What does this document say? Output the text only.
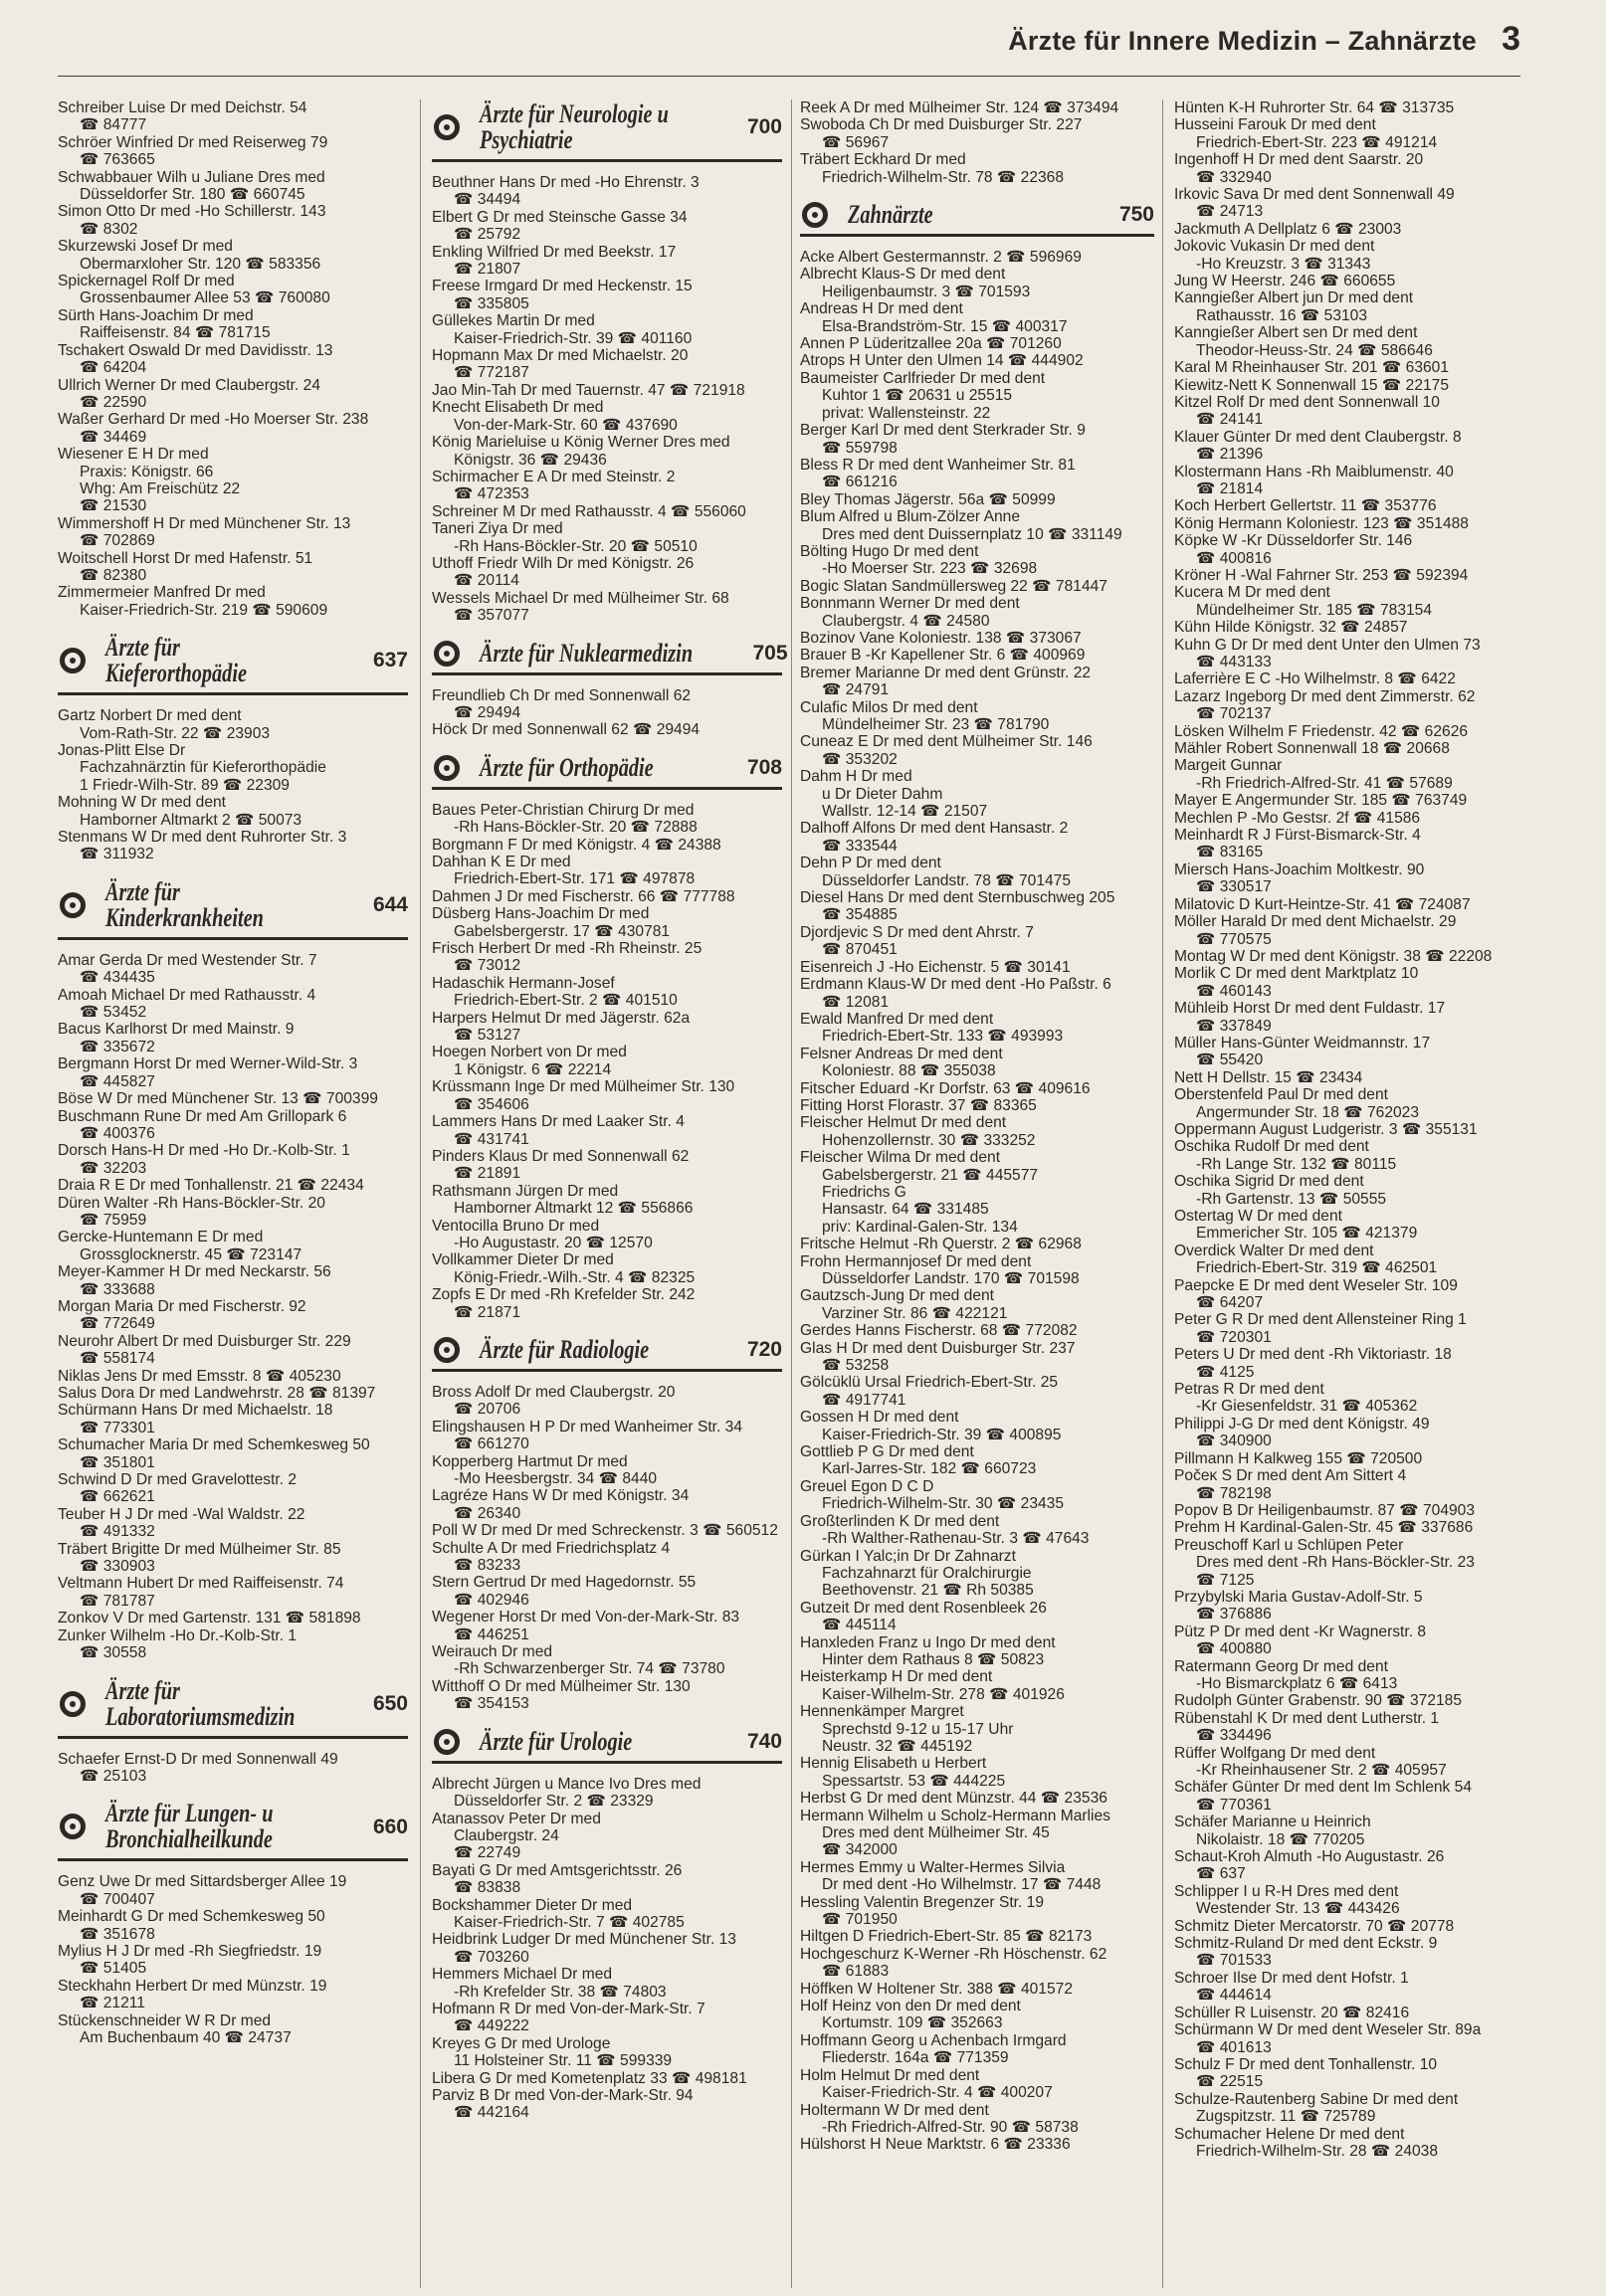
Ärzte für Innere Medizin – Zahnärzte 3
Schreiber Luise Dr med Deichstr. 54
☎ 84777
Schröer Winfried Dr med Reiserweg 79
☎ 763665
Schwabbauer Wilh u Juliane Dres med
Düsseldorfer Str. 180 ☎ 660745
Simon Otto Dr med -Ho Schillerstr. 143
☎ 8302
Skurzewski Josef Dr med
Obermarxloher Str. 120 ☎ 583356
Spickernagel Rolf Dr med
Grossenbaumer Allee 53 ☎ 760080
Sürth Hans-Joachim Dr med
Raiffeisenstr. 84 ☎ 781715
Tschakert Oswald Dr med Davidisstr. 13
☎ 64204
Ullrich Werner Dr med Claubergstr. 24
☎ 22590
Waßer Gerhard Dr med -Ho Moerser Str. 238
☎ 34469
Wiesener E H Dr med
Praxis: Königstr. 66
Whg: Am Freischütz 22
☎ 21530
Wimmershoff H Dr med Münchener Str. 13
☎ 702869
Woitschell Horst Dr med Hafenstr. 51
☎ 82380
Zimmermeier Manfred Dr med
Kaiser-Friedrich-Str. 219 ☎ 590609
Ärzte für
Kieferorthopädie	637
Gartz Norbert Dr med dent
Vom-Rath-Str. 22 ☎ 23903
Jonas-Plitt Else Dr
Fachzahnärztin für Kieferorthopädie
1 Friedr-Wilh-Str. 89 ☎ 22309
Mohning W Dr med dent
Hamborner Altmarkt 2 ☎ 50073
Stenmans W Dr med dent Ruhrorter Str. 3
☎ 311932
Ärzte für
Kinderkrankheiten	644
Amar Gerda Dr med Westender Str. 7
☎ 434435
Amoah Michael Dr med Rathausstr. 4
☎ 53452
Bacus Karlhorst Dr med Mainstr. 9
☎ 335672
Bergmann Horst Dr med Werner-Wild-Str. 3
☎ 445827
Böse W Dr med Münchener Str. 13 ☎ 700399
Buschmann Rune Dr med Am Grillopark 6
☎ 400376
Dorsch Hans-H Dr med -Ho Dr.-Kolb-Str. 1
☎ 32203
Draia R E Dr med Tonhallenstr. 21 ☎ 22434
Düren Walter -Rh Hans-Böckler-Str. 20
☎ 75959
Gercke-Huntemann E Dr med
Grossglocknerstr. 45 ☎ 723147
Meyer-Kammer H Dr med Neckarstr. 56
☎ 333688
Morgan Maria Dr med Fischerstr. 92
☎ 772649
Neurohr Albert Dr med Duisburger Str. 229
☎ 558174
Niklas Jens Dr med Emsstr. 8 ☎ 405230
Salus Dora Dr med Landwehrstr. 28 ☎ 81397
Schürmann Hans Dr med Michaelstr. 18
☎ 773301
Schumacher Maria Dr med Schemkesweg 50
☎ 351801
Schwind D Dr med Gravelottestr. 2
☎ 662621
Teuber H J Dr med -Wal Waldstr. 22
☎ 491332
Träbert Brigitte Dr med Mülheimer Str. 85
☎ 330903
Veltmann Hubert Dr med Raiffeisenstr. 74
☎ 781787
Zonkov V Dr med Gartenstr. 131 ☎ 581898
Zunker Wilhelm -Ho Dr.-Kolb-Str. 1
☎ 30558
Ärzte für
Laboratoriumsmedizin	650
Schaefer Ernst-D Dr med Sonnenwall 49
☎ 25103
Ärzte für Lungen- u
Bronchialheilkunde	660
Genz Uwe Dr med Sittardsberger Allee 19
☎ 700407
Meinhardt G Dr med Schemkesweg 50
☎ 351678
Mylius H J Dr med -Rh Siegfriedstr. 19
☎ 51405
Steckhahn Herbert Dr med Münzstr. 19
☎ 21211
Stückenschneider W R Dr med
Am Buchenbaum 40 ☎ 24737
Ärzte für Neurologie u
Psychiatrie	700
Beuthner Hans Dr med -Ho Ehrenstr. 3
☎ 34494
Elbert G Dr med Steinsche Gasse 34
☎ 25792
Enkling Wilfried Dr med Beekstr. 17
☎ 21807
Freese Irmgard Dr med Heckenstr. 15
☎ 335805
Güllekes Martin Dr med
Kaiser-Friedrich-Str. 39 ☎ 401160
Hopmann Max Dr med Michaelstr. 20
☎ 772187
Jao Min-Tah Dr med Tauernstr. 47 ☎ 721918
Knecht Elisabeth Dr med
Von-der-Mark-Str. 60 ☎ 437690
König Marieluise u König Werner Dres med
Königstr. 36 ☎ 29436
Schirmacher E A Dr med Steinstr. 2
☎ 472353
Schreiner M Dr med Rathausstr. 4 ☎ 556060
Taneri Ziya Dr med
-Rh Hans-Böckler-Str. 20 ☎ 50510
Uthoff Friedr Wilh Dr med Königstr. 26
☎ 20114
Wessels Michael Dr med Mülheimer Str. 68
☎ 357077
Ärzte für Nuklearmedizin	705
Freundlieb Ch Dr med Sonnenwall 62
☎ 29494
Höck Dr med Sonnenwall 62 ☎ 29494
Ärzte für Orthopädie	708
Baues Peter-Christian Chirurg Dr med
-Rh Hans-Böckler-Str. 20 ☎ 72888
Borgmann F Dr med Königstr. 4 ☎ 24388
Dahhan K E Dr med
Friedrich-Ebert-Str. 171 ☎ 497878
Dahmen J Dr med Fischerstr. 66 ☎ 777788
Düsberg Hans-Joachim Dr med
Gabelsbergerstr. 17 ☎ 430781
Frisch Herbert Dr med -Rh Rheinstr. 25
☎ 73012
Hadaschik Hermann-Josef
Friedrich-Ebert-Str. 2 ☎ 401510
Harpers Helmut Dr med Jägerstr. 62a
☎ 53127
Hoegen Norbert von Dr med
1 Königstr. 6 ☎ 22214
Krüssmann Inge Dr med Mülheimer Str. 130
☎ 354606
Lammers Hans Dr med Laaker Str. 4
☎ 431741
Pinders Klaus Dr med Sonnenwall 62
☎ 21891
Rathsmann Jürgen Dr med
Hamborner Altmarkt 12 ☎ 556866
Ventocilla Bruno Dr med
-Ho Augustastr. 20 ☎ 12570
Vollkammer Dieter Dr med
König-Friedr.-Wilh.-Str. 4 ☎ 82325
Zopfs E Dr med -Rh Krefelder Str. 242
☎ 21871
Ärzte für Radiologie	720
Bross Adolf Dr med Claubergstr. 20
☎ 20706
Elingshausen H P Dr med Wanheimer Str. 34
☎ 661270
Kopperberg Hartmut Dr med
-Mo Heesbergstr. 34 ☎ 8440
Lagréze Hans W Dr med Königstr. 34
☎ 26340
Poll W Dr med Dr med Schreckenstr. 3 ☎ 560512
Schulte A Dr med Friedrichsplatz 4
☎ 83233
Stern Gertrud Dr med Hagedornstr. 55
☎ 402946
Wegener Horst Dr med Von-der-Mark-Str. 83
☎ 446251
Weirauch Dr med
-Rh Schwarzenberger Str. 74 ☎ 73780
Witthoff O Dr med Mülheimer Str. 130
☎ 354153
Ärzte für Urologie	740
Albrecht Jürgen u Mance Ivo Dres med
Düsseldorfer Str. 2 ☎ 23329
Atanassov Peter Dr med
Claubergstr. 24
☎ 22749
Bayati G Dr med Amtsgerichtsstr. 26
☎ 83838
Bockshammer Dieter Dr med
Kaiser-Friedrich-Str. 7 ☎ 402785
Heidbrink Ludger Dr med Münchener Str. 13
☎ 703260
Hemmers Michael Dr med
-Rh Krefelder Str. 38 ☎ 74803
Hofmann R Dr med Von-der-Mark-Str. 7
☎ 449222
Kreyes G Dr med Urologe
11 Holsteiner Str. 11 ☎ 599339
Libera G Dr med Kometenplatz 33 ☎ 498181
Parviz B Dr med Von-der-Mark-Str. 94
☎ 442164
Reek A Dr med Mülheimer Str. 124 ☎ 373494
Swoboda Ch Dr med Duisburger Str. 227
☎ 56967
Träbert Eckhard Dr med
Friedrich-Wilhelm-Str. 78 ☎ 22368
Zahnärzte	750
Acke Albert Gestermannstr. 2 ☎ 596969
Albrecht Klaus-S Dr med dent
Heiligenbaumstr. 3 ☎ 701593
Andreas H Dr med dent
Elsa-Brandström-Str. 15 ☎ 400317
Annen P Lüderitzallee 20a ☎ 701260
Atrops H Unter den Ulmen 14 ☎ 444902
Baumeister Carlfrieder Dr med dent
Kuhtor 1 ☎ 20631 u 25515
privat: Wallensteinstr. 22
Berger Karl Dr med dent Sterkrader Str. 9
☎ 559798
Bless R Dr med dent Wanheimer Str. 81
☎ 661216
Bley Thomas Jägerstr. 56a ☎ 50999
Blum Alfred u Blum-Zölzer Anne
Dres med dent Duissernplatz 10 ☎ 331149
Bölting Hugo Dr med dent
-Ho Moerser Str. 223 ☎ 32698
Bogic Slatan Sandmüllersweg 22 ☎ 781447
Bonnmann Werner Dr med dent
Claubergstr. 4 ☎ 24580
Bozinov Vane Koloniestr. 138 ☎ 373067
Brauer B -Kr Kapellener Str. 6 ☎ 400969
Bremer Marianne Dr med dent Grünstr. 22
☎ 24791
Culafic Milos Dr med dent
Mündelheimer Str. 23 ☎ 781790
Cuneaz E Dr med dent Mülheimer Str. 146
☎ 353202
Dahm H Dr med
u Dr Dieter Dahm
Wallstr. 12-14 ☎ 21507
Dalhoff Alfons Dr med dent Hansastr. 2
☎ 333544
Dehn P Dr med dent
Düsseldorfer Landstr. 78 ☎ 701475
Diesel Hans Dr med dent Sternbuschweg 205
☎ 354885
Djordjevic S Dr med dent Ahrstr. 7
☎ 870451
Eisenreich J -Ho Eichenstr. 5 ☎ 30141
Erdmann Klaus-W Dr med dent -Ho Paßstr. 6
☎ 12081
Ewald Manfred Dr med dent
Friedrich-Ebert-Str. 133 ☎ 493993
Felsner Andreas Dr med dent
Koloniestr. 88 ☎ 355038
Fitscher Eduard -Kr Dorfstr. 63 ☎ 409616
Fitting Horst Florastr. 37 ☎ 83365
Fleischer Helmut Dr med dent
Hohenzollernstr. 30 ☎ 333252
Fleischer Wilma Dr med dent
Gabelsbergerstr. 21 ☎ 445577
Friedrichs G
Hansastr. 64 ☎ 331485
priv: Kardinal-Galen-Str. 134
Fritsche Helmut -Rh Querstr. 2 ☎ 62968
Frohn Hermannjosef Dr med dent
Düsseldorfer Landstr. 170 ☎ 701598
Gautzsch-Jung Dr med dent
Varziner Str. 86 ☎ 422121
Gerdes Hanns Fischerstr. 68 ☎ 772082
Glas H Dr med dent Duisburger Str. 237
☎ 53258
Gölcüklü Ursal Friedrich-Ebert-Str. 25
☎ 4917741
Gossen H Dr med dent
Kaiser-Friedrich-Str. 39 ☎ 400895
Gottlieb P G Dr med dent
Karl-Jarres-Str. 182 ☎ 660723
Greuel Egon D C D
Friedrich-Wilhelm-Str. 30 ☎ 23435
Großterlinden K Dr med dent
-Rh Walther-Rathenau-Str. 3 ☎ 47643
Gürkan I Yalc;in Dr Dr Zahnarzt
Fachzahnarzt für Oralchirurgie
Beethovenstr. 21 ☎ Rh 50385
Gutzeit Dr med dent Rosenbleek 26
☎ 445114
Hanxleden Franz u Ingo Dr med dent
Hinter dem Rathaus 8 ☎ 50823
Heisterkamp H Dr med dent
Kaiser-Wilhelm-Str. 278 ☎ 401926
Hennenkämper Margret
Sprechstd 9-12 u 15-17 Uhr
Neustr. 32 ☎ 445192
Hennig Elisabeth u Herbert
Spessartstr. 53 ☎ 444225
Herbst G Dr med dent Münzstr. 44 ☎ 23536
Hermann Wilhelm u Scholz-Hermann Marlies
Dres med dent Mülheimer Str. 45
☎ 342000
Hermes Emmy u Walter-Hermes Silvia
Dr med dent -Ho Wilhelmstr. 17 ☎ 7448
Hessling Valentin Bregenzer Str. 19
☎ 701950
Hiltgen D Friedrich-Ebert-Str. 85 ☎ 82173
Hochgeschurz K-Werner -Rh Höschenstr. 62
☎ 61883
Höffken W Holtener Str. 388 ☎ 401572
Holf Heinz von den Dr med dent
Kortumstr. 109 ☎ 352663
Hoffmann Georg u Achenbach Irmgard
Fliederstr. 164a ☎ 771359
Holm Helmut Dr med dent
Kaiser-Friedrich-Str. 4 ☎ 400207
Holtermann W Dr med dent
-Rh Friedrich-Alfred-Str. 90 ☎ 58738
Hülshorst H Neue Marktstr. 6 ☎ 23336
Hünten K-H Ruhrorter Str. 64 ☎ 313735
Husseini Farouk Dr med dent
Friedrich-Ebert-Str. 223 ☎ 491214
Ingenhoff H Dr med dent Saarstr. 20
☎ 332940
Irkovic Sava Dr med dent Sonnenwall 49
☎ 24713
Jackmuth A Dellplatz 6 ☎ 23003
Jokovic Vukasin Dr med dent
-Ho Kreuzstr. 3 ☎ 31343
Jung W Heerstr. 246 ☎ 660655
Kanngießer Albert jun Dr med dent
Rathausstr. 16 ☎ 53103
Kanngießer Albert sen Dr med dent
Theodor-Heuss-Str. 24 ☎ 586646
Karal M Rheinhauser Str. 201 ☎ 63601
Kiewitz-Nett K Sonnenwall 15 ☎ 22175
Kitzel Rolf Dr med dent Sonnenwall 10
☎ 24141
Klauer Günter Dr med dent Claubergstr. 8
☎ 21396
Klostermann Hans -Rh Maiblumenstr. 40
☎ 21814
Koch Herbert Gellertstr. 11 ☎ 353776
König Hermann Koloniestr. 123 ☎ 351488
Köpke W -Kr Düsseldorfer Str. 146
☎ 400816
Kröner H -Wal Fahrner Str. 253 ☎ 592394
Kucera M Dr med dent
Mündelheimer Str. 185 ☎ 783154
Kühn Hilde Königstr. 32 ☎ 24857
Kuhn G Dr Dr med dent Unter den Ulmen 73
☎ 443133
Laferrière E C -Ho Wilhelmstr. 8 ☎ 6422
Lazarz Ingeborg Dr med dent Zimmerstr. 62
☎ 702137
Lösken Wilhelm F Friedenstr. 42 ☎ 62626
Mähler Robert Sonnenwall 18 ☎ 20668
Margeit Gunnar
-Rh Friedrich-Alfred-Str. 41 ☎ 57689
Mayer E Angermunder Str. 185 ☎ 763749
Mechlen P -Mo Gestsr. 2f ☎ 41586
Meinhardt R J Fürst-Bismarck-Str. 4
☎ 83165
Miersch Hans-Joachim Moltkestr. 90
☎ 330517
Milatovic D Kurt-Heintze-Str. 41 ☎ 724087
Möller Harald Dr med dent Michaelstr. 29
☎ 770575
Montag W Dr med dent Königstr. 38 ☎ 22208
Morlik C Dr med dent Marktplatz 10
☎ 460143
Mühleib Horst Dr med dent Fuldastr. 17
☎ 337849
Müller Hans-Günter Weidmannstr. 17
☎ 55420
Nett H Dellstr. 15 ☎ 23434
Oberstenfeld Paul Dr med dent
Angermunder Str. 18 ☎ 762023
Oppermann August Ludgeristr. 3 ☎ 355131
Oschika Rudolf Dr med dent
-Rh Lange Str. 132 ☎ 80115
Oschika Sigrid Dr med dent
-Rh Gartenstr. 13 ☎ 50555
Ostertag W Dr med dent
Emmericher Str. 105 ☎ 421379
Overdick Walter Dr med dent
Friedrich-Ebert-Str. 319 ☎ 462501
Paepcke E Dr med dent Weseler Str. 109
☎ 64207
Peter G R Dr med dent Allensteiner Ring 1
☎ 720301
Peters U Dr med dent -Rh Viktoriastr. 18
☎ 4125
Petras R Dr med dent
-Kr Giesenfeldstr. 31 ☎ 405362
Philippi J-G Dr med dent Königstr. 49
☎ 340900
Pillmann H Kalkweg 155 ☎ 720500
Počeκ S Dr med dent Am Sittert 4
☎ 782198
Popov B Dr Heiligenbaumstr. 87 ☎ 704903
Prehm H Kardinal-Galen-Str. 45 ☎ 337686
Preuschoff Karl u Schlüpen Peter
Dres med dent -Rh Hans-Böckler-Str. 23
☎ 7125
Przybylski Maria Gustav-Adolf-Str. 5
☎ 376886
Pütz P Dr med dent -Kr Wagnerstr. 8
☎ 400880
Ratermann Georg Dr med dent
-Ho Bismarckplatz 6 ☎ 6413
Rudolph Günter Grabenstr. 90 ☎ 372185
Rübenstahl K Dr med dent Lutherstr. 1
☎ 334496
Rüffer Wolfgang Dr med dent
-Kr Rheinhausener Str. 2 ☎ 405957
Schäfer Günter Dr med dent Im Schlenk 54
☎ 770361
Schäfer Marianne u Heinrich
Nikolaistr. 18 ☎ 770205
Schaut-Kroh Almuth -Ho Augustastr. 26
☎ 637
Schlipper I u R-H Dres med dent
Westender Str. 13 ☎ 443426
Schmitz Dieter Mercatorstr. 70 ☎ 20778
Schmitz-Ruland Dr med dent Eckstr. 9
☎ 701533
Schroer Ilse Dr med dent Hofstr. 1
☎ 444614
Schüller R Luisenstr. 20 ☎ 82416
Schürmann W Dr med dent Weseler Str. 89a
☎ 401613
Schulz F Dr med dent Tonhallenstr. 10
☎ 22515
Schulze-Rautenberg Sabine Dr med dent
Zugspitzstr. 11 ☎ 725789
Schumacher Helene Dr med dent
Friedrich-Wilhelm-Str. 28 ☎ 24038
